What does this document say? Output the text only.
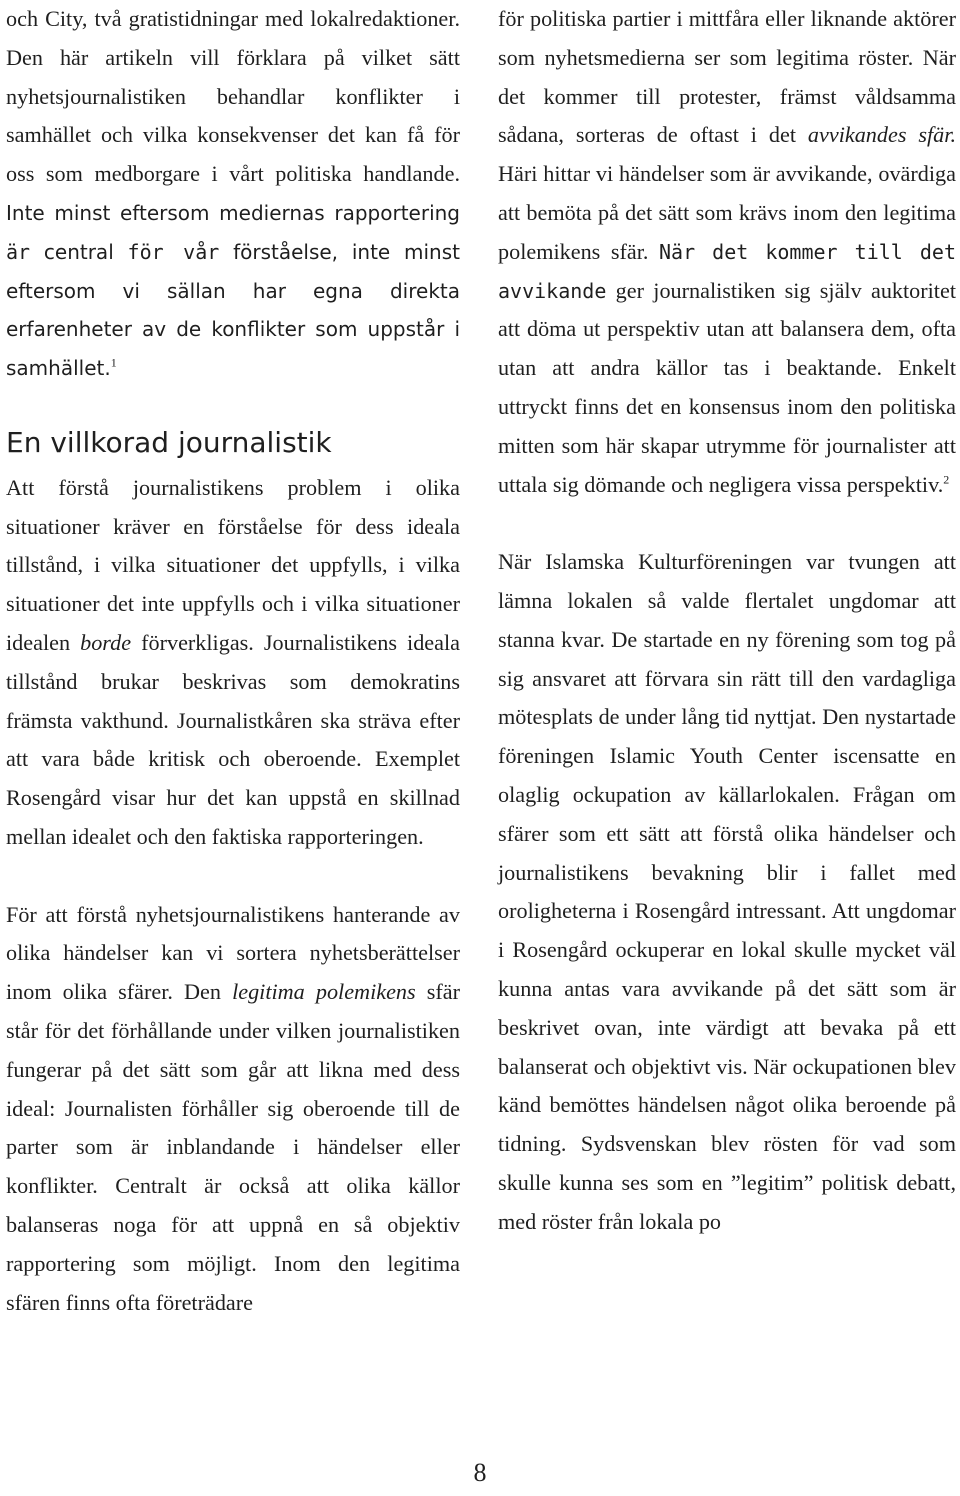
och City, två gratistidningar med lokalredaktioner. Den här artikeln vill förklara på vilket sätt nyhetsjournalistiken behandlar konflikter i samhället och vilka konsekvenser det kan få för oss som medborgare i vårt politiska handlande. Inte minst eftersom mediernas rapportering är central för vår förståelse, inte minst eftersom vi sällan har egna direkta erfarenheter av de konflikter som uppstår i samhället.$^1$

En villkorad journalistik

Att förstå journalistikens problem i olika situationer kräver en förståelse för dess ideala tillstånd, i vilka situationer det uppfylls, i vilka situationer det inte uppfylls och i vilka situationer idealen borde förverkligas. Journalistikens ideala tillstånd brukar beskrivas som demokratins främsta vakthund. Journalistkåren ska sträva efter att vara både kritisk och oberoende. Exemplet Rosengård visar hur det kan uppstå en skillnad mellan idealet och den faktiska rapporteringen.

För att förstå nyhetsjournalistikens hanterande av olika händelser kan vi sortera nyhetsberättelser inom olika sfärer. Den legitima polemikens sfär står för det förhållande under vilken journalistiken fungerar på det sätt som går att likna med dess ideal: Journalisten förhåller sig oberoende till de parter som är inblandande i händelser eller konflikter. Centralt är också att olika källor balanseras noga för att uppnå en så objektiv rapportering som möjligt. Inom den legitima sfären finns ofta företrädare

för politiska partier i mittfåra eller liknande aktörer som nyhetsmedierna ser som legitima röster. När det kommer till protester, främst våldsamma sådana, sorteras de oftast i det avvikandes sfär. Häri hittar vi händelser som är avvikande, ovärdiga att bemöta på det sätt som krävs inom den legitima polemikens sfär. När det kommer till det avvikande ger journalistiken sig själv auktoritet att döma ut perspektiv utan att balansera dem, ofta utan att andra källor tas i beaktande. Enkelt uttryckt finns det en konsensus inom den politiska mitten som här skapar utrymme för journalister att uttala sig dömande och negligera vissa perspektiv.$^2$

När Islamska Kulturföreningen var tvungen att lämna lokalen så valde flertalet ungdomar att stanna kvar. De startade en ny förening som tog på sig ansvaret att förvara sin rätt till den vardagliga mötesplats de under lång tid nyttjat. Den nystartade föreningen Islamic Youth Center iscensatte en olaglig ockupation av källarlokalen. Frågan om sfärer som ett sätt att förstå olika händelser och journalistikens bevakning blir i fallet med oroligheterna i Rosengård intressant. Att ungdomar i Rosengård ockuperar en lokal skulle mycket väl kunna antas vara avvikande på det sätt som är beskrivet ovan, inte värdigt att bevaka på ett balanserat och objektivt vis. När ockupationen blev känd bemöttes händelsen något olika beroende på tidning. Sydsvenskan blev rösten för vad som skulle kunna ses som en ”legitim” politisk debatt, med röster från lokala po

8
